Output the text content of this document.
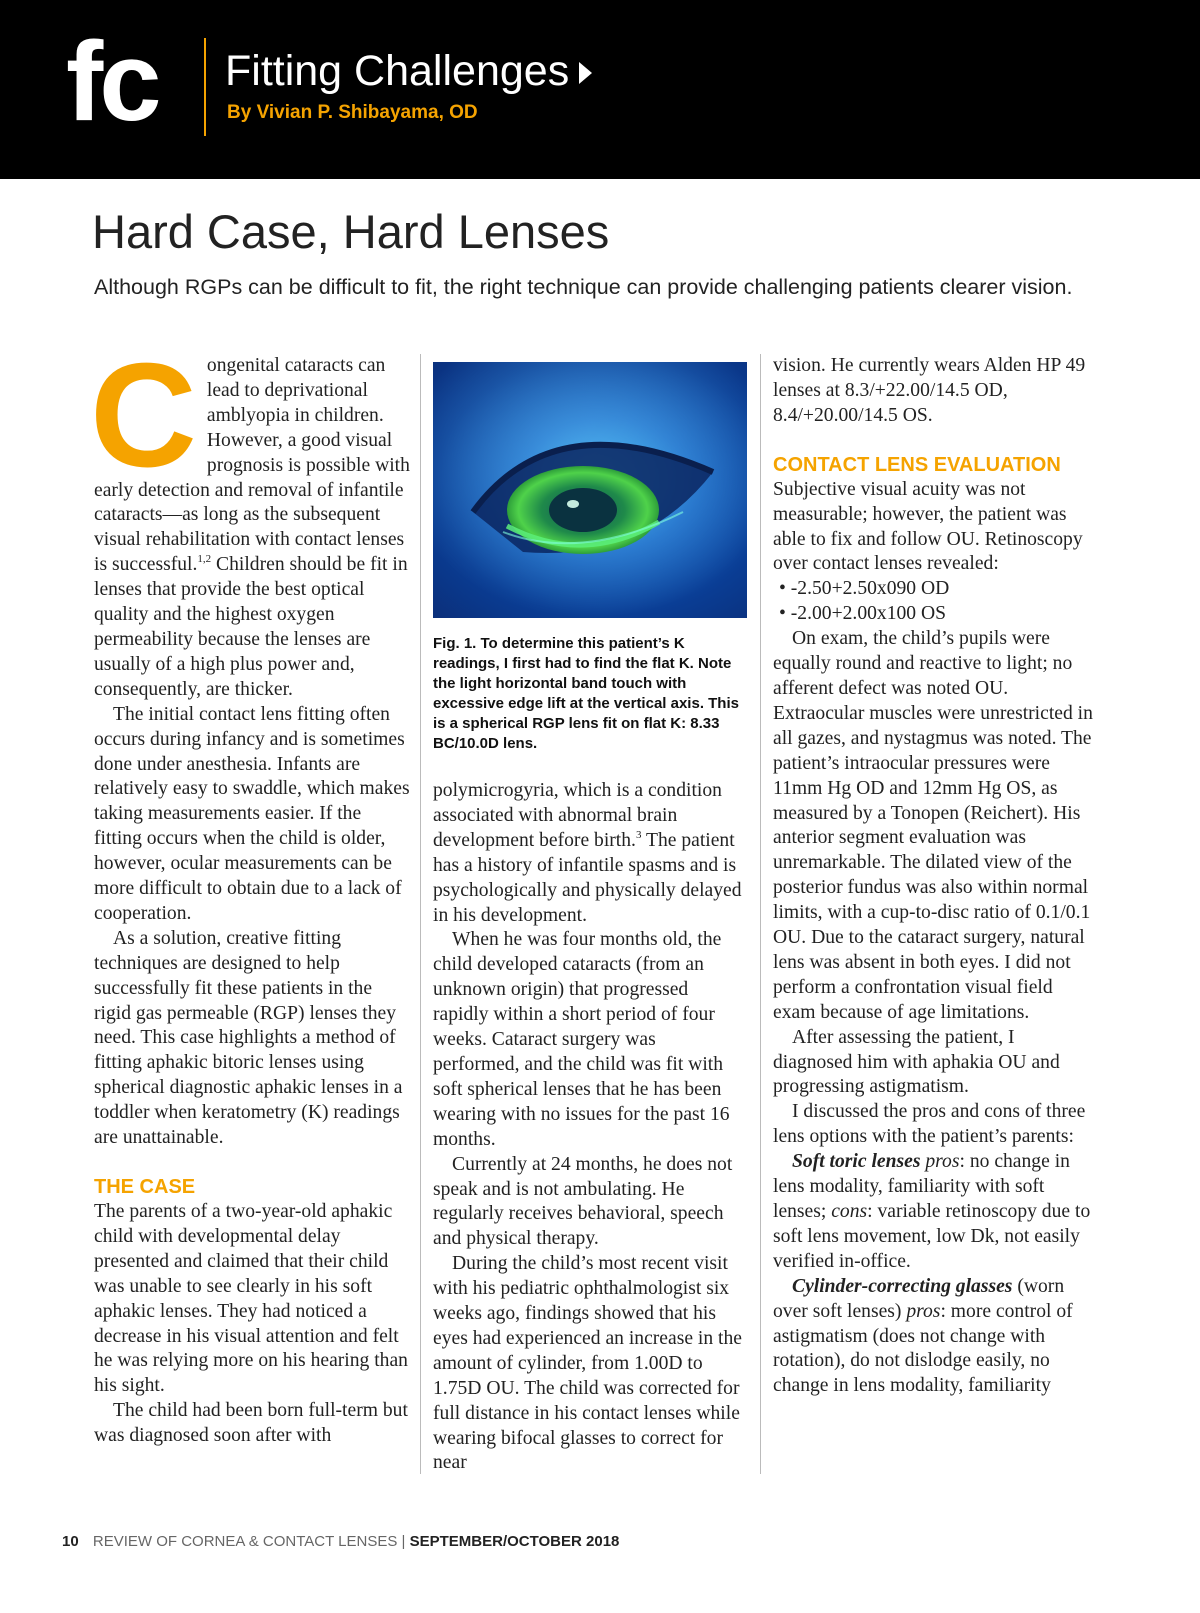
fc Fitting Challenges
By Vivian P. Shibayama, OD
Hard Case, Hard Lenses
Although RGPs can be difficult to fit, the right technique can provide challenging patients clearer vision.

Congenital cataracts can lead to deprivational amblyopia in children. However, a good visual prognosis is possible with early detection and removal of infantile cataracts—as long as the subsequent visual rehabilitation with contact lenses is successful.$^{1,2}$ Children should be fit in lenses that provide the best optical quality and the highest oxygen permeability because the lenses are usually of a high plus power and, consequently, are thicker.

The initial contact lens fitting often occurs during infancy and is sometimes done under anesthesia. Infants are relatively easy to swaddle, which makes taking measurements easier. If the fitting occurs when the child is older, however, ocular measurements can be more difficult to obtain due to a lack of cooperation.

As a solution, creative fitting techniques are designed to help successfully fit these patients in the rigid gas permeable (RGP) lenses they need. This case highlights a method of fitting aphakic bitoric lenses using spherical diagnostic aphakic lenses in a toddler when keratometry (K) readings are unattainable.

THE CASE

The parents of a two-year-old aphakic child with developmental delay presented and claimed that their child was unable to see clearly in his soft aphakic lenses. They had noticed a decrease in his visual attention and felt he was relying more on his hearing than his sight.

The child had been born full-term but was diagnosed soon after with

Fig. 1. To determine this patient’s K readings, I first had to find the flat K. Note the light horizontal band touch with excessive edge lift at the vertical axis. This is a spherical RGP lens fit on flat K: 8.33 BC/10.0D lens.

polymicrogyria, which is a condition associated with abnormal brain development before birth.$^3$ The patient has a history of infantile spasms and is psychologically and physically delayed in his development.

When he was four months old, the child developed cataracts (from an unknown origin) that progressed rapidly within a short period of four weeks. Cataract surgery was performed, and the child was fit with soft spherical lenses that he has been wearing with no issues for the past 16 months.

Currently at 24 months, he does not speak and is not ambulating. He regularly receives behavioral, speech and physical therapy.

During the child’s most recent visit with his pediatric ophthalmologist six weeks ago, findings showed that his eyes had experienced an increase in the amount of cylinder, from 1.00D to 1.75D OU. The child was corrected for full distance in his contact lenses while wearing bifocal glasses to correct for near

vision. He currently wears Alden HP 49 lenses at 8.3/+22.00/14.5 OD, 8.4/+20.00/14.5 OS.

CONTACT LENS EVALUATION

Subjective visual acuity was not measurable; however, the patient was able to fix and follow OU. Retinoscopy over contact lenses revealed:

• -2.50+2.50x090 OD

• -2.00+2.00x100 OS

On exam, the child’s pupils were equally round and reactive to light; no afferent defect was noted OU. Extraocular muscles were unrestricted in all gazes, and nystagmus was noted. The patient’s intraocular pressures were 11mm Hg OD and 12mm Hg OS, as measured by a Tonopen (Reichert). His anterior segment evaluation was unremarkable. The dilated view of the posterior fundus was also within normal limits, with a cup-to-disc ratio of 0.1/0.1 OU. Due to the cataract surgery, natural lens was absent in both eyes. I did not perform a confrontation visual field exam because of age limitations.

After assessing the patient, I diagnosed him with aphakia OU and progressing astigmatism.

I discussed the pros and cons of three lens options with the patient’s parents:

Soft toric lenses pros: no change in lens modality, familiarity with soft lenses; cons: variable retinoscopy due to soft lens movement, low Dk, not easily verified in-office.

Cylinder-correcting glasses (worn over soft lenses) pros: more control of astigmatism (does not change with rotation), do not dislodge easily, no change in lens modality, familiarity

10 REVIEW OF CORNEA & CONTACT LENSES | SEPTEMBER/OCTOBER 2018
